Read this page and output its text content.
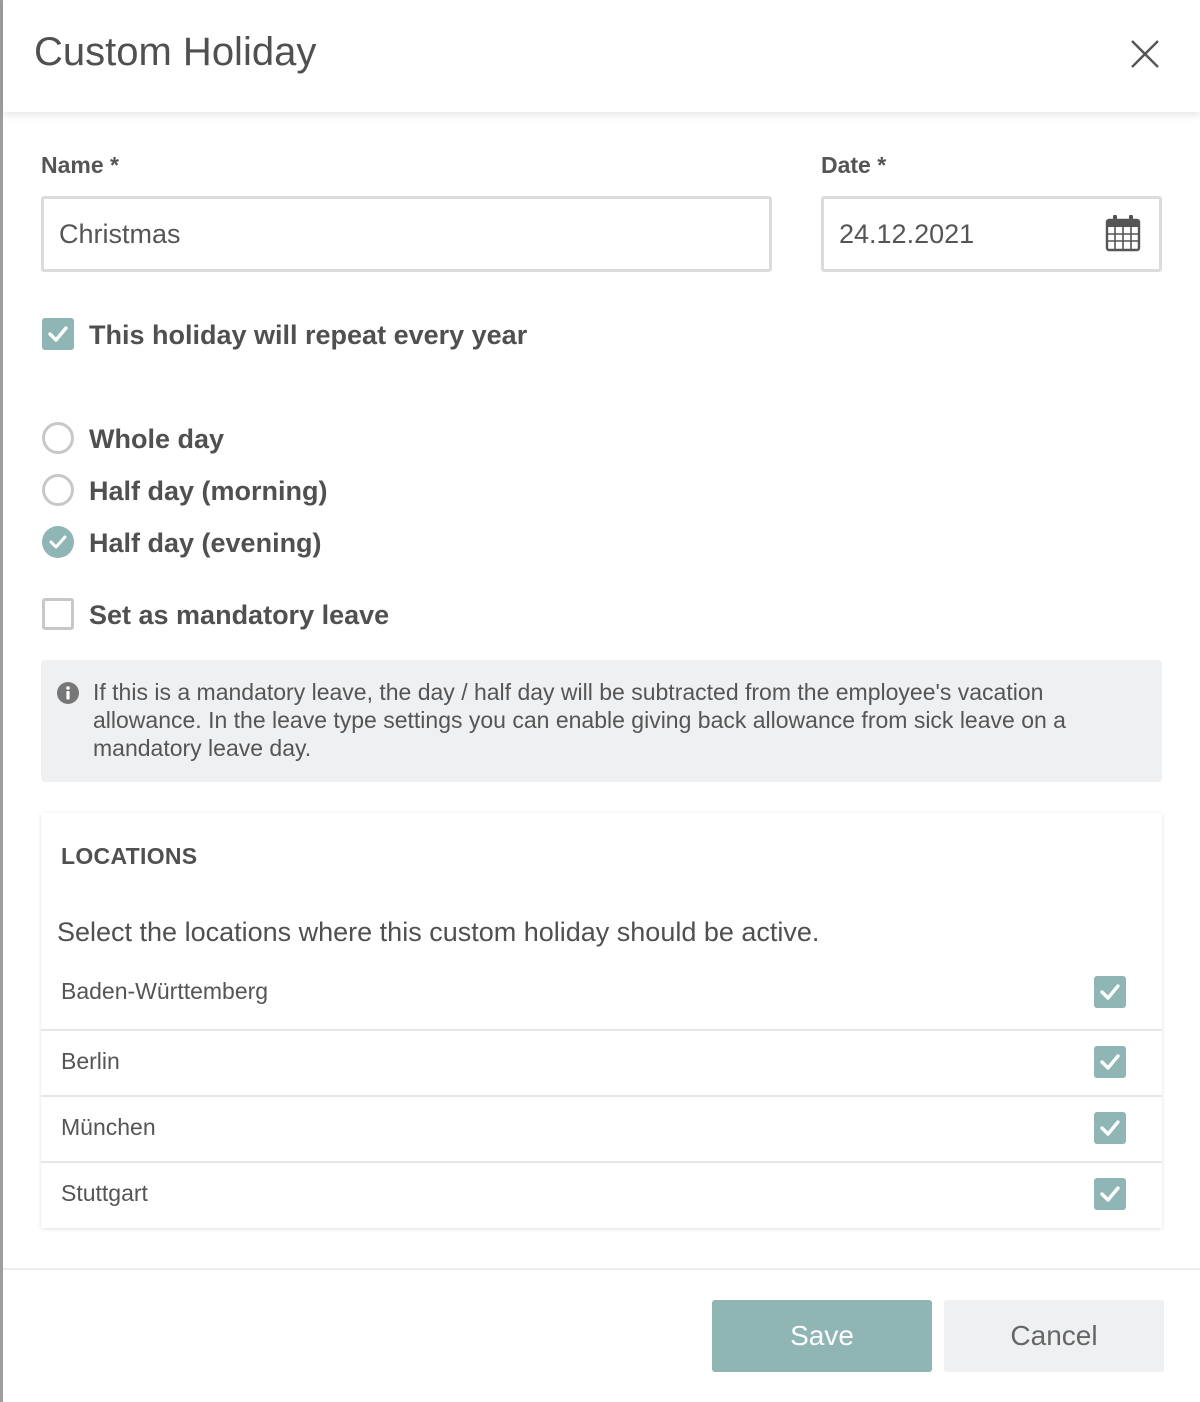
Custom Holiday
Name *
Christmas	Date *
24.12.2021
This holiday will repeat every year
Whole day
Half day (morning)
Half day (evening)
Set as mandatory leave
If this is a mandatory leave, the day / half day will be subtracted from the employee's vacation allowance. In the leave type settings you can enable giving back allowance from sick leave on a mandatory leave day.
LOCATIONS
Select the locations where this custom holiday should be active.
Baden-Württemberg
Berlin
München
Stuttgart
Save	Cancel
